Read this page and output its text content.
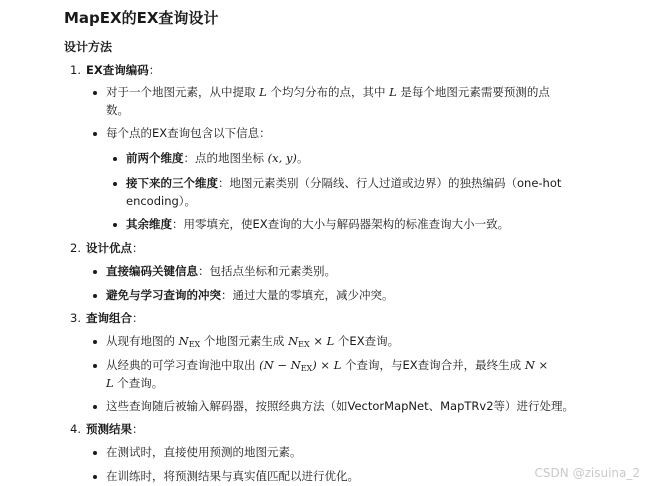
MapEX的EX查询设计
设计方法
1. EX查询编码：
对于一个地图元素，从中提取 L 个均匀分布的点，其中 L 是每个地图元素需要预测的点
数。
每个点的EX查询包含以下信息：
前两个维度：点的地图坐标 (x, y)。
接下来的三个维度：地图元素类别（分隔线、行人过道或边界）的独热编码（one-hot
encoding）。
其余维度：用零填充，使EX查询的大小与解码器架构的标准查询大小一致。
2. 设计优点：
直接编码关键信息：包括点坐标和元素类别。
避免与学习查询的冲突：通过大量的零填充，减少冲突。
3. 查询组合：
从现有地图的 $N_{EX}$ 个地图元素生成 $N_{EX} \times L$ 个EX查询。
从经典的可学习查询池中取出 $(N - N_{EX}) \times L$ 个查询，与EX查询合并，最终生成 N ×
L 个查询。
这些查询随后被输入解码器，按照经典方法（如VectorMapNet、MapTRv2等）进行处理。
4. 预测结果：
在测试时，直接使用预测的地图元素。
在训练时，将预测结果与真实值匹配以进行优化。	CSDN @zisuina_2
